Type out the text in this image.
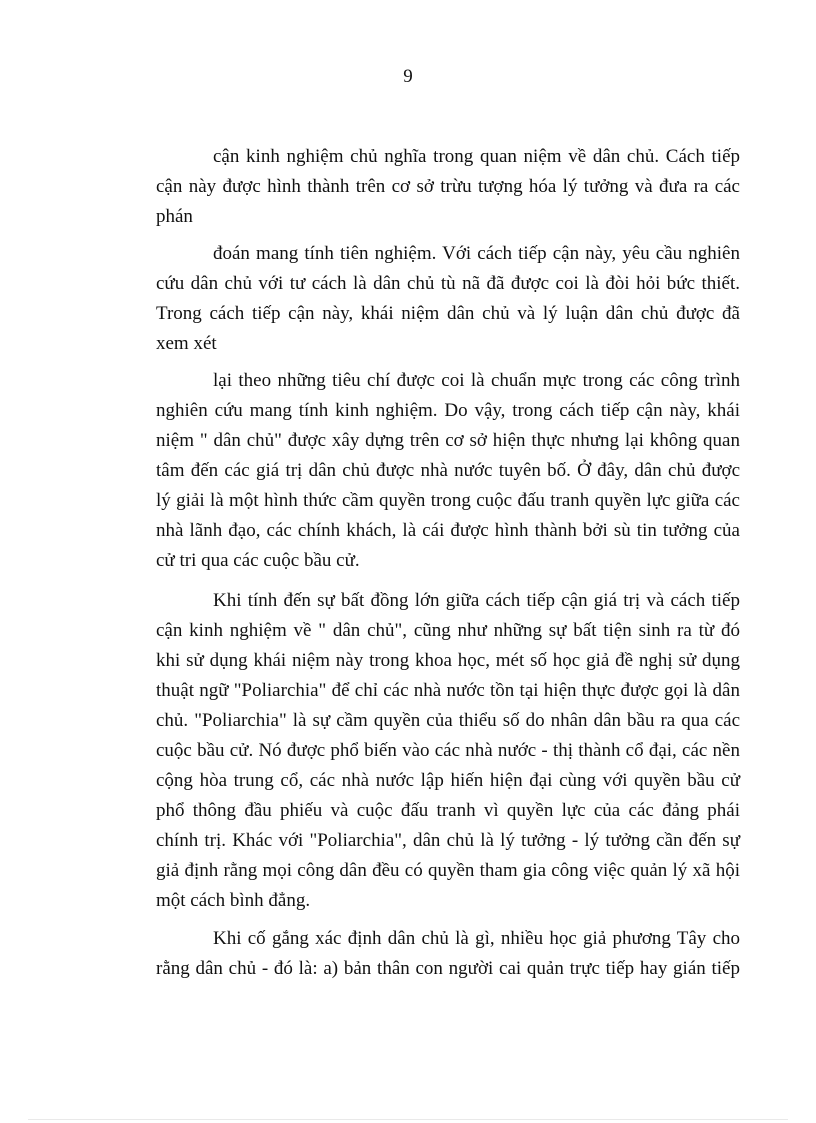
9
cận kinh nghiệm chủ nghĩa trong quan niệm về dân chủ. Cách tiếp
cận này được hình thành trên cơ sở trừu tượng hóa lý tưởng và đưa ra các
phán
đoán mang tính tiên nghiệm. Với cách tiếp cận này, yêu cầu nghiên
cứu dân chủ với tư cách là dân chủ tù nã đã được coi là đòi hỏi bức thiết.
Trong cách tiếp cận này, khái niệm dân chủ và lý luận dân chủ được đã
xem xét
lại theo những tiêu chí được coi là chuẩn mực trong các công trình
nghiên cứu mang tính kinh nghiệm. Do vậy, trong cách tiếp cận này, khái
niệm " dân chủ" được xây dựng trên cơ sở hiện thực nhưng lại không quan
tâm đến các giá trị dân chủ được nhà nước tuyên bố. Ở đây, dân chủ được
lý giải là một hình thức cầm quyền trong cuộc đấu tranh quyền lực giữa các
nhà lãnh đạo, các chính khách, là cái được hình thành bởi sù tin tưởng của
cử tri qua các cuộc bầu cử.
Khi tính đến sự bất đồng lớn giữa cách tiếp cận giá trị và cách tiếp
cận kinh nghiệm về " dân chủ", cũng như những sự bất tiện sinh ra từ đó
khi sử dụng khái niệm này trong khoa học, mét số học giả đề nghị sử dụng
thuật ngữ "Poliarchia" để chỉ các nhà nước tồn tại hiện thực được gọi là dân
chủ. "Poliarchia" là sự cầm quyền của thiểu số do nhân dân bầu ra qua các
cuộc bầu cử. Nó được phổ biến vào các nhà nước - thị thành cổ đại, các nền
cộng hòa trung cổ, các nhà nước lập hiến hiện đại cùng với quyền bầu cử
phổ thông đầu phiếu và cuộc đấu tranh vì quyền lực của các đảng phái
chính trị. Khác với "Poliarchia", dân chủ là lý tưởng - lý tưởng cần đến sự
giả định rằng mọi công dân đều có quyền tham gia công việc quản lý xã hội
một cách bình đẳng.
Khi cố gắng xác định dân chủ là gì, nhiều học giả phương Tây cho
rằng dân chủ - đó là: a) bản thân con người cai quản trực tiếp hay gián tiếp
